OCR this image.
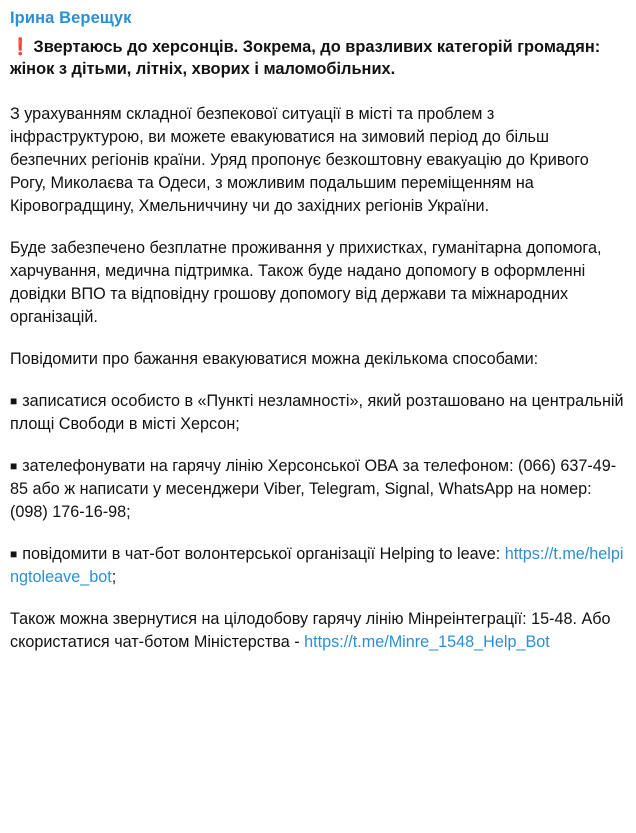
Ірина Верещук

❗ Звертаюсь до херсонців. Зокрема, до вразливих категорій громадян: жінок з дітьми, літніх, хворих і маломобільних.

З урахуванням складної безпекової ситуації в місті та проблем з інфраструктурою, ви можете евакуюватися на зимовий період до більш безпечних регіонів країни. Уряд пропонує безкоштовну евакуацію до Кривого Рогу, Миколаєва та Одеси, з можливим подальшим переміщенням на Кіровоградщину, Хмельниччину чи до західних регіонів України.

Буде забезпечено безплатне проживання у прихистках, гуманітарна допомога, харчування, медична підтримка. Також буде надано допомогу в оформленні довідки ВПО та відповідну грошову допомогу від держави та міжнародних організацій.

Повідомити про бажання евакуюватися можна декількома способами:

■ записатися особисто в «Пункті незламності», який розташовано на центральній площі Свободи в місті Херсон;

■ зателефонувати на гарячу лінію Херсонської ОВА за телефоном: (066) 637-49-85 або ж написати у месенджери Viber, Telegram, Signal, WhatsApp на номер: (098) 176-16-98;

■ повідомити в чат-бот волонтерської організації Helping to leave: https://t.me/helpingtoleave_bot;

Також можна звернутися на цілодобову гарячу лінію Мінреінтеграції: 15-48. Або скористатися чат-ботом Міністерства - https://t.me/Minre_1548_Help_Bot
